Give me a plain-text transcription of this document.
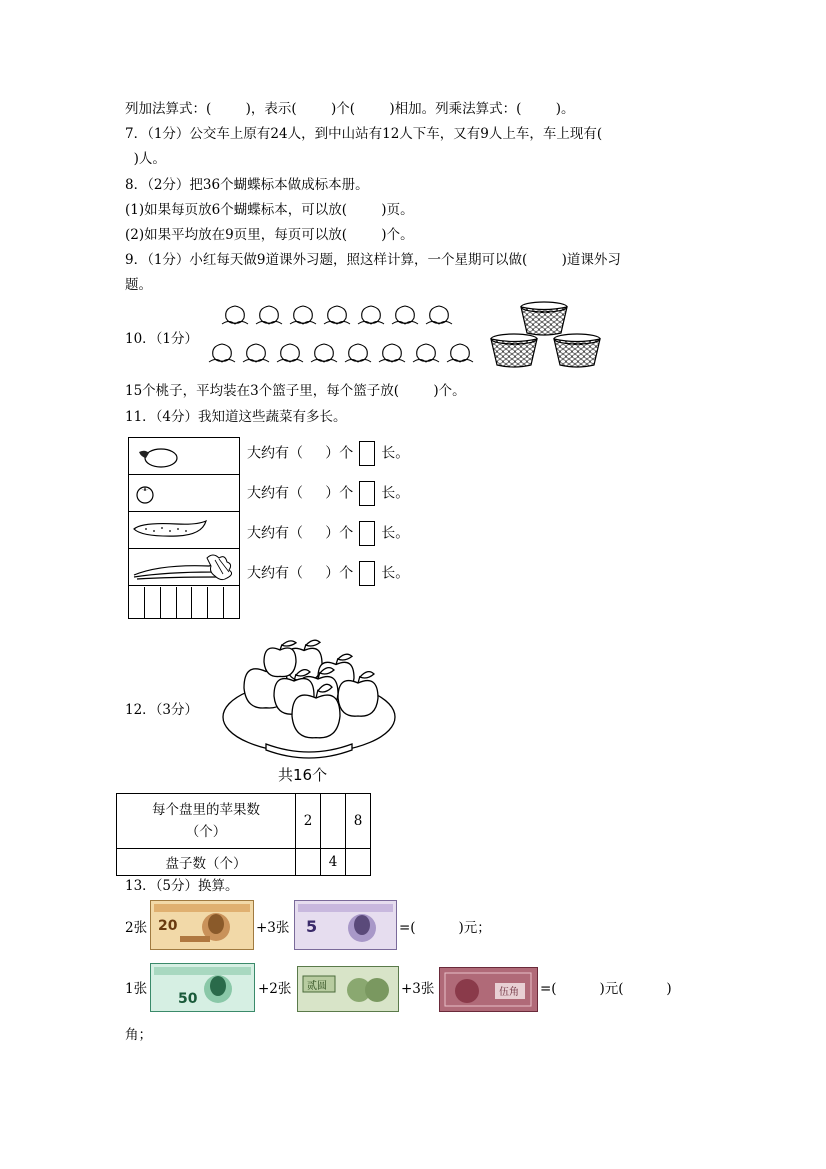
列加法算式：(        )，表示(        )个(        )相加。列乘法算式：(        )。
7．（1分）公交车上原有24人，到中山站有12人下车，又有9人上车，车上现有(
)人。
8．（2分）把36个蝴蝶标本做成标本册。
(1)如果每页放6个蝴蝶标本，可以放(        )页。
(2)如果平均放在9页里，每页可以放(        )个。
9．（1分）小红每天做9道课外习题，照这样计算，一个星期可以做(        )道课外习
题。
10．（1分）
15个桃子，平均装在3个篮子里，每个篮子放(        )个。
11．（4分）我知道这些蔬菜有多长。
大约有（     ）个 长。
大约有（     ）个 长。
大约有（     ）个 长。
大约有（     ）个 长。
12．（3分）
共16个
每个盘里的苹果数
（个）	2		8
盘子数（个）		4	
13．（5分）换算。
2张 20	+3张 5	=(          )元；
1张
50
+2张 贰圆	+3张	伍角 =(          )元(          )
角；
